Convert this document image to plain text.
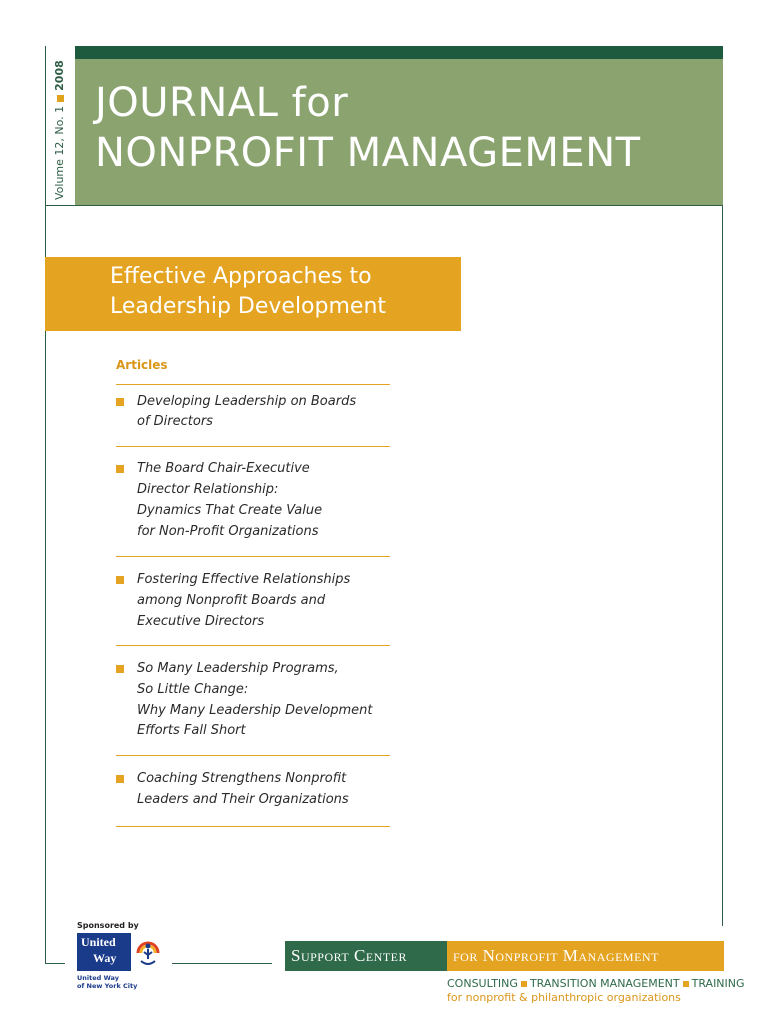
JOURNAL for
NONPROFIT MANAGEMENT
Volume 12, No. 12008
Effective Approaches to
Leadership Development
Articles
Developing Leadership on Boards
of Directors
The Board Chair-Executive
Director Relationship:
Dynamics That Create Value
for Non-Profit Organizations
Fostering Effective Relationships
among Nonprofit Boards and
Executive Directors
So Many Leadership Programs,
So Little Change:
Why Many Leadership Development
Efforts Fall Short
Coaching Strengthens Nonprofit
Leaders and Their Organizations
Sponsored by
United
Way
United Way
of New York City
Support Center	for Nonprofit Management
CONSULTING TRANSITION MANAGEMENT TRAINING
for nonprofit & philanthropic organizations
